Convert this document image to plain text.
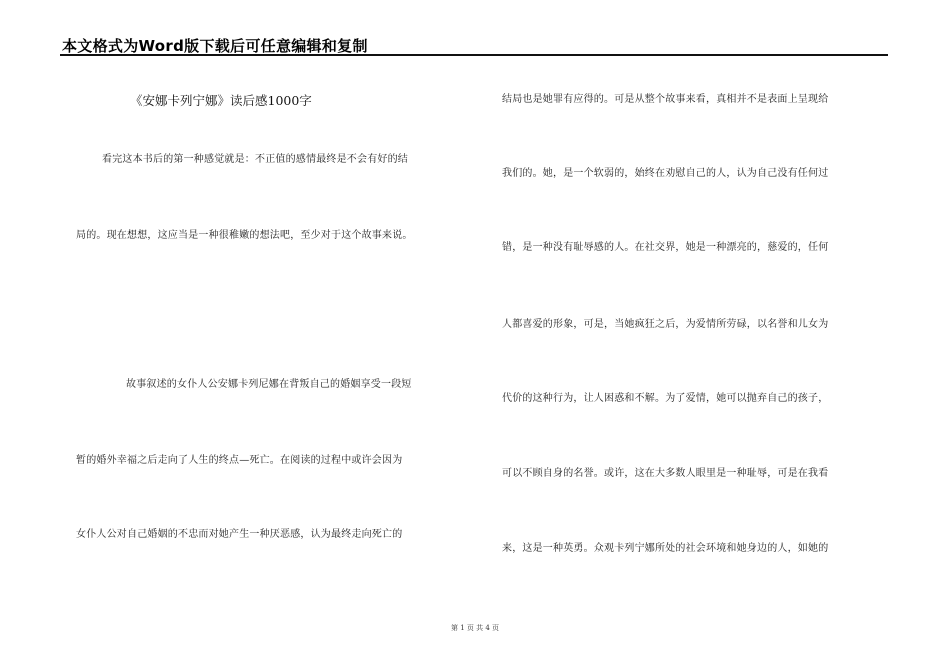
本文格式为Word版下载后可任意编辑和复制
《安娜卡列宁娜》读后感1000字
看完这本书后的第一种感觉就是：不正值的感情最终是不会有好的结
局的。现在想想，这应当是一种很稚嫩的想法吧，至少对于这个故事来说。
故事叙述的女仆人公安娜卡列尼娜在背叛自己的婚姻享受一段短
暂的婚外幸福之后走向了人生的终点—死亡。在阅读的过程中或许会因为
女仆人公对自己婚姻的不忠而对她产生一种厌恶感，认为最终走向死亡的
结局也是她罪有应得的。可是从整个故事来看，真相并不是表面上呈现给
我们的。她，是一个软弱的，始终在劝慰自己的人，认为自己没有任何过
错，是一种没有耻辱感的人。在社交界，她是一种漂亮的，慈爱的，任何
人都喜爱的形象，可是，当她疯狂之后，为爱情所劳碌，以名誉和儿女为
代价的这种行为，让人困惑和不解。为了爱情，她可以抛弃自己的孩子，
可以不顾自身的名誉。或许，这在大多数人眼里是一种耻辱，可是在我看
来，这是一种英勇。众观卡列宁娜所处的社会环境和她身边的人，如她的
第 1 页 共 4 页
